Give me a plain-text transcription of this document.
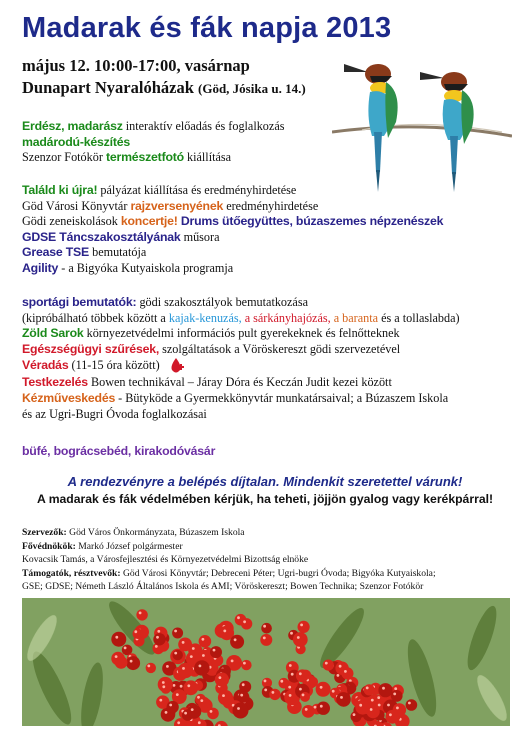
Madarak és fák napja 2013
május 12. 10:00-17:00, vasárnap
Dunapart Nyaralóházak (Göd, Jósika u. 14.)
Erdész, madarász interaktív előadás és foglalkozás
madárodú-készítés
Szenzor Fotókör természetfotó kiállítása
Találd ki újra! pályázat kiállítása és eredményhirdetése
Göd Városi Könyvtár rajzversenyének eredményhirdetése
Gödi zeneiskolások koncertje! Drums ütőegyüttes, búzaszemes népzenészek
GDSE Táncszakosztályának műsora
Grease TSE bemutatója
Agility - a Bigyóka Kutyaiskola programja
sportági bemutatók: gödi szakosztályok bemutatkozása
(kipróbálható többek között a kajak-kenuzás, a sárkányhajózás, a baranta és a tollaslabda)
Zöld Sarok környezetvédelmi információs pult gyerekeknek és felnőtteknek
Egészségügyi szűrések, szolgáltatások a Vöröskereszt gödi szervezetével
Véradás (11-15 óra között)
Testkezelés Bowen technikával – Járay Dóra és Keczán Judit kezei között
Kézműveskedés - Bütyköde a Gyermekkönyvtár munkatársaival; a Búzaszem Iskola
és az Ugri-Bugri Óvoda foglalkozásai
büfé, bográcsebéd, kirakodóvásár
A rendezvényre a belépés díjtalan. Mindenkit szeretettel várunk!
A madarak és fák védelmében kérjük, ha teheti, jöjjön gyalog vagy kerékpárral!
Szervezők: Göd Város Önkormányzata, Búzaszem Iskola
Fővédnökök: Markó József polgármester
Kovacsik Tamás, a Városfejlesztési és Környezetvédelmi Bizottság elnöke
Támogatók, résztvevők: Göd Városi Könyvtár; Debreceni Péter; Ugri-bugri Óvoda; Bigyóka Kutyaiskola;
GSE; GDSE; Németh László Általános Iskola és AMI; Vöröskereszt; Bowen Technika; Szenzor Fotókör
